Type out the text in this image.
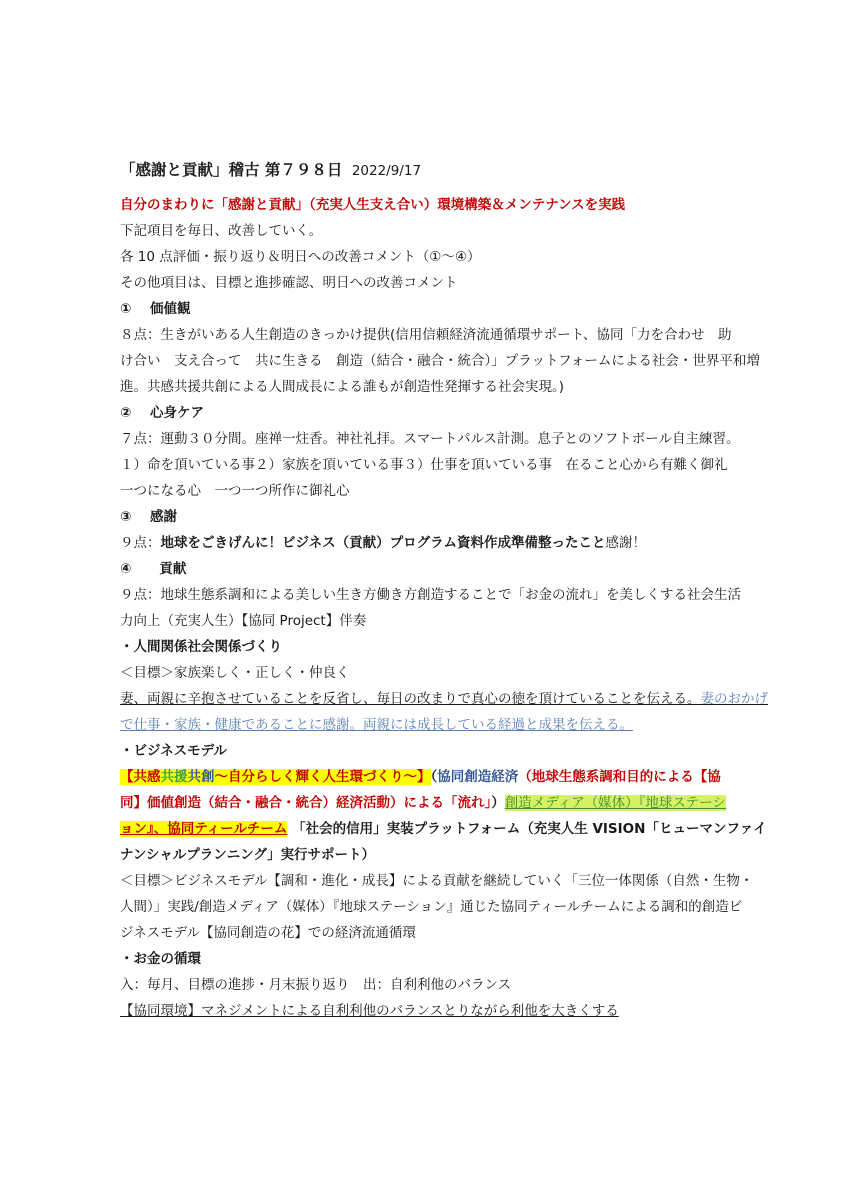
「感謝と貢献」稽古 第７９８日 2022/9/17
自分のまわりに「感謝と貢献」（充実人生支え合い）環境構築＆メンテナンスを実践
下記項目を毎日、改善していく。
各 10 点評価・振り返り＆明日への改善コメント（①～④）
その他項目は、目標と進捗確認、明日への改善コメント
① 価値観
８点：生きがいある人生創造のきっかけ提供(信用信頼経済流通循環サポート、協同「力を合わせ　助
け合い　支え合って　共に生きる　創造（結合・融合・統合）」プラットフォームによる社会・世界平和増
進。共感共援共創による人間成長による誰もが創造性発揮する社会実現。)
② 心身ケア
７点：運動３０分間。座禅一炷香。神社礼拝。スマートパルス計測。息子とのソフトボール自主練習。
１）命を頂いている事２）家族を頂いている事３）仕事を頂いている事　在ること心から有難く御礼
一つになる心　一つ一つ所作に御礼心
③ 感謝
９点：地球をごきげんに！ビジネス（貢献）プログラム資料作成準備整ったこと感謝！
④ 貢献
９点：地球生態系調和による美しい生き方働き方創造することで「お金の流れ」を美しくする社会生活
力向上（充実人生）【協同 Project】伴奏
・人間関係社会関係づくり
＜目標＞家族楽しく・正しく・仲良く
妻、両親に辛抱させていることを反省し、毎日の改まりで真心の徳を頂けていることを伝える。妻のおかげ
で仕事・家族・健康であることに感謝。両親には成長している経過と成果を伝える。
・ビジネスモデル
【共感共援共創～自分らしく輝く人生環づくり～】（協同創造経済（地球生態系調和目的による【協
同】価値創造（結合・融合・統合）経済活動）による「流れ」）創造メディア（媒体）『地球ステーシ
ョン』、協同ティールチーム 「社会的信用」実装プラットフォーム（充実人生 VISION「ヒューマンファイ
ナンシャルプランニング」実行サポート）
＜目標＞ビジネスモデル【調和・進化・成長】による貢献を継続していく「三位一体関係（自然・生物・
人間）」実践/創造メディア（媒体）『地球ステーション』通じた協同ティールチームによる調和的創造ビ
ジネスモデル【協同創造の花】での経済流通循環
・お金の循環
入：毎月、目標の進捗・月末振り返り　出：自利利他のバランス
【協同環境】マネジメントによる自利利他のバランスとりながら利他を大きくする
